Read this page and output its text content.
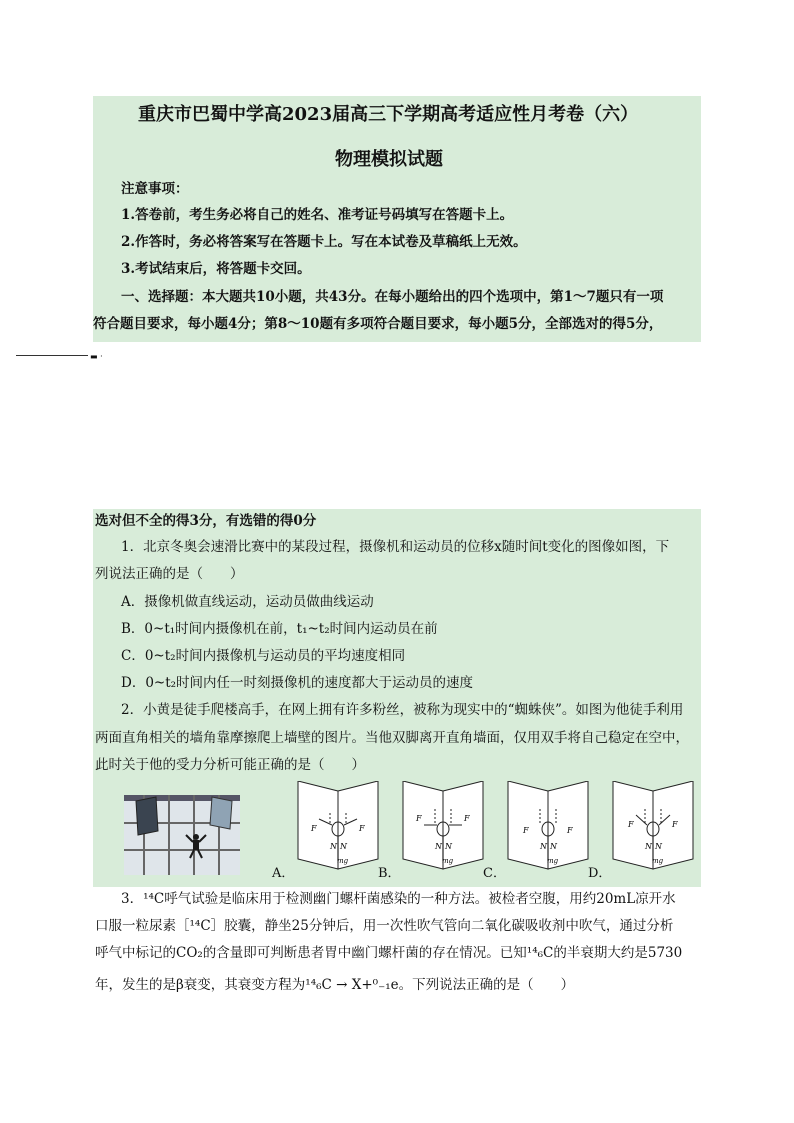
重庆市巴蜀中学高2023届高三下学期高考适应性月考卷（六）
物理模拟试题
注意事项：
1.答卷前，考生务必将自己的姓名、准考证号码填写在答题卡上。
2.作答时，务必将答案写在答题卡上。写在本试卷及草稿纸上无效。
3.考试结束后，将答题卡交回。
一、选择题：本大题共10小题，共43分。在每小题给出的四个选项中，第1～7题只有一项
符合题目要求，每小题4分；第8～10题有多项符合题目要求，每小题5分，全部选对的得5分，
▬ ·
选对但不全的得3分，有选错的得0分
1．北京冬奥会速滑比赛中的某段过程，摄像机和运动员的位移x随时间t变化的图像如图，下
列说法正确的是（　　）
A．摄像机做直线运动，运动员做曲线运动
B．0~t₁时间内摄像机在前，t₁~t₂时间内运动员在前
C．0~t₂时间内摄像机与运动员的平均速度相同
D．0~t₂时间内任一时刻摄像机的速度都大于运动员的速度
2．小黄是徒手爬楼高手，在网上拥有许多粉丝，被称为现实中的“蜘蛛侠”。如图为他徒手利用
两面直角相关的墙角靠摩擦爬上墙壁的图片。当他双脚离开直角墙面，仅用双手将自己稳定在空中，
此时关于他的受力分析可能正确的是（　　）
F	F
N N
mg
A．
F	F
N N
mg
B．
F	F
N N
mg
C．
F	F
N N
mg
D．
3．¹⁴C呼气试验是临床用于检测幽门螺杆菌感染的一种方法。被检者空腹，用约20mL凉开水
口服一粒尿素［¹⁴C］胶囊，静坐25分钟后，用一次性吹气管向二氧化碳吸收剂中吹气，通过分析
呼气中标记的CO₂的含量即可判断患者胃中幽门螺杆菌的存在情况。已知¹⁴₆C的半衰期大约是5730
年，发生的是β衰变，其衰变方程为¹⁴₆C → X+⁰₋₁e。下列说法正确的是（　　）
